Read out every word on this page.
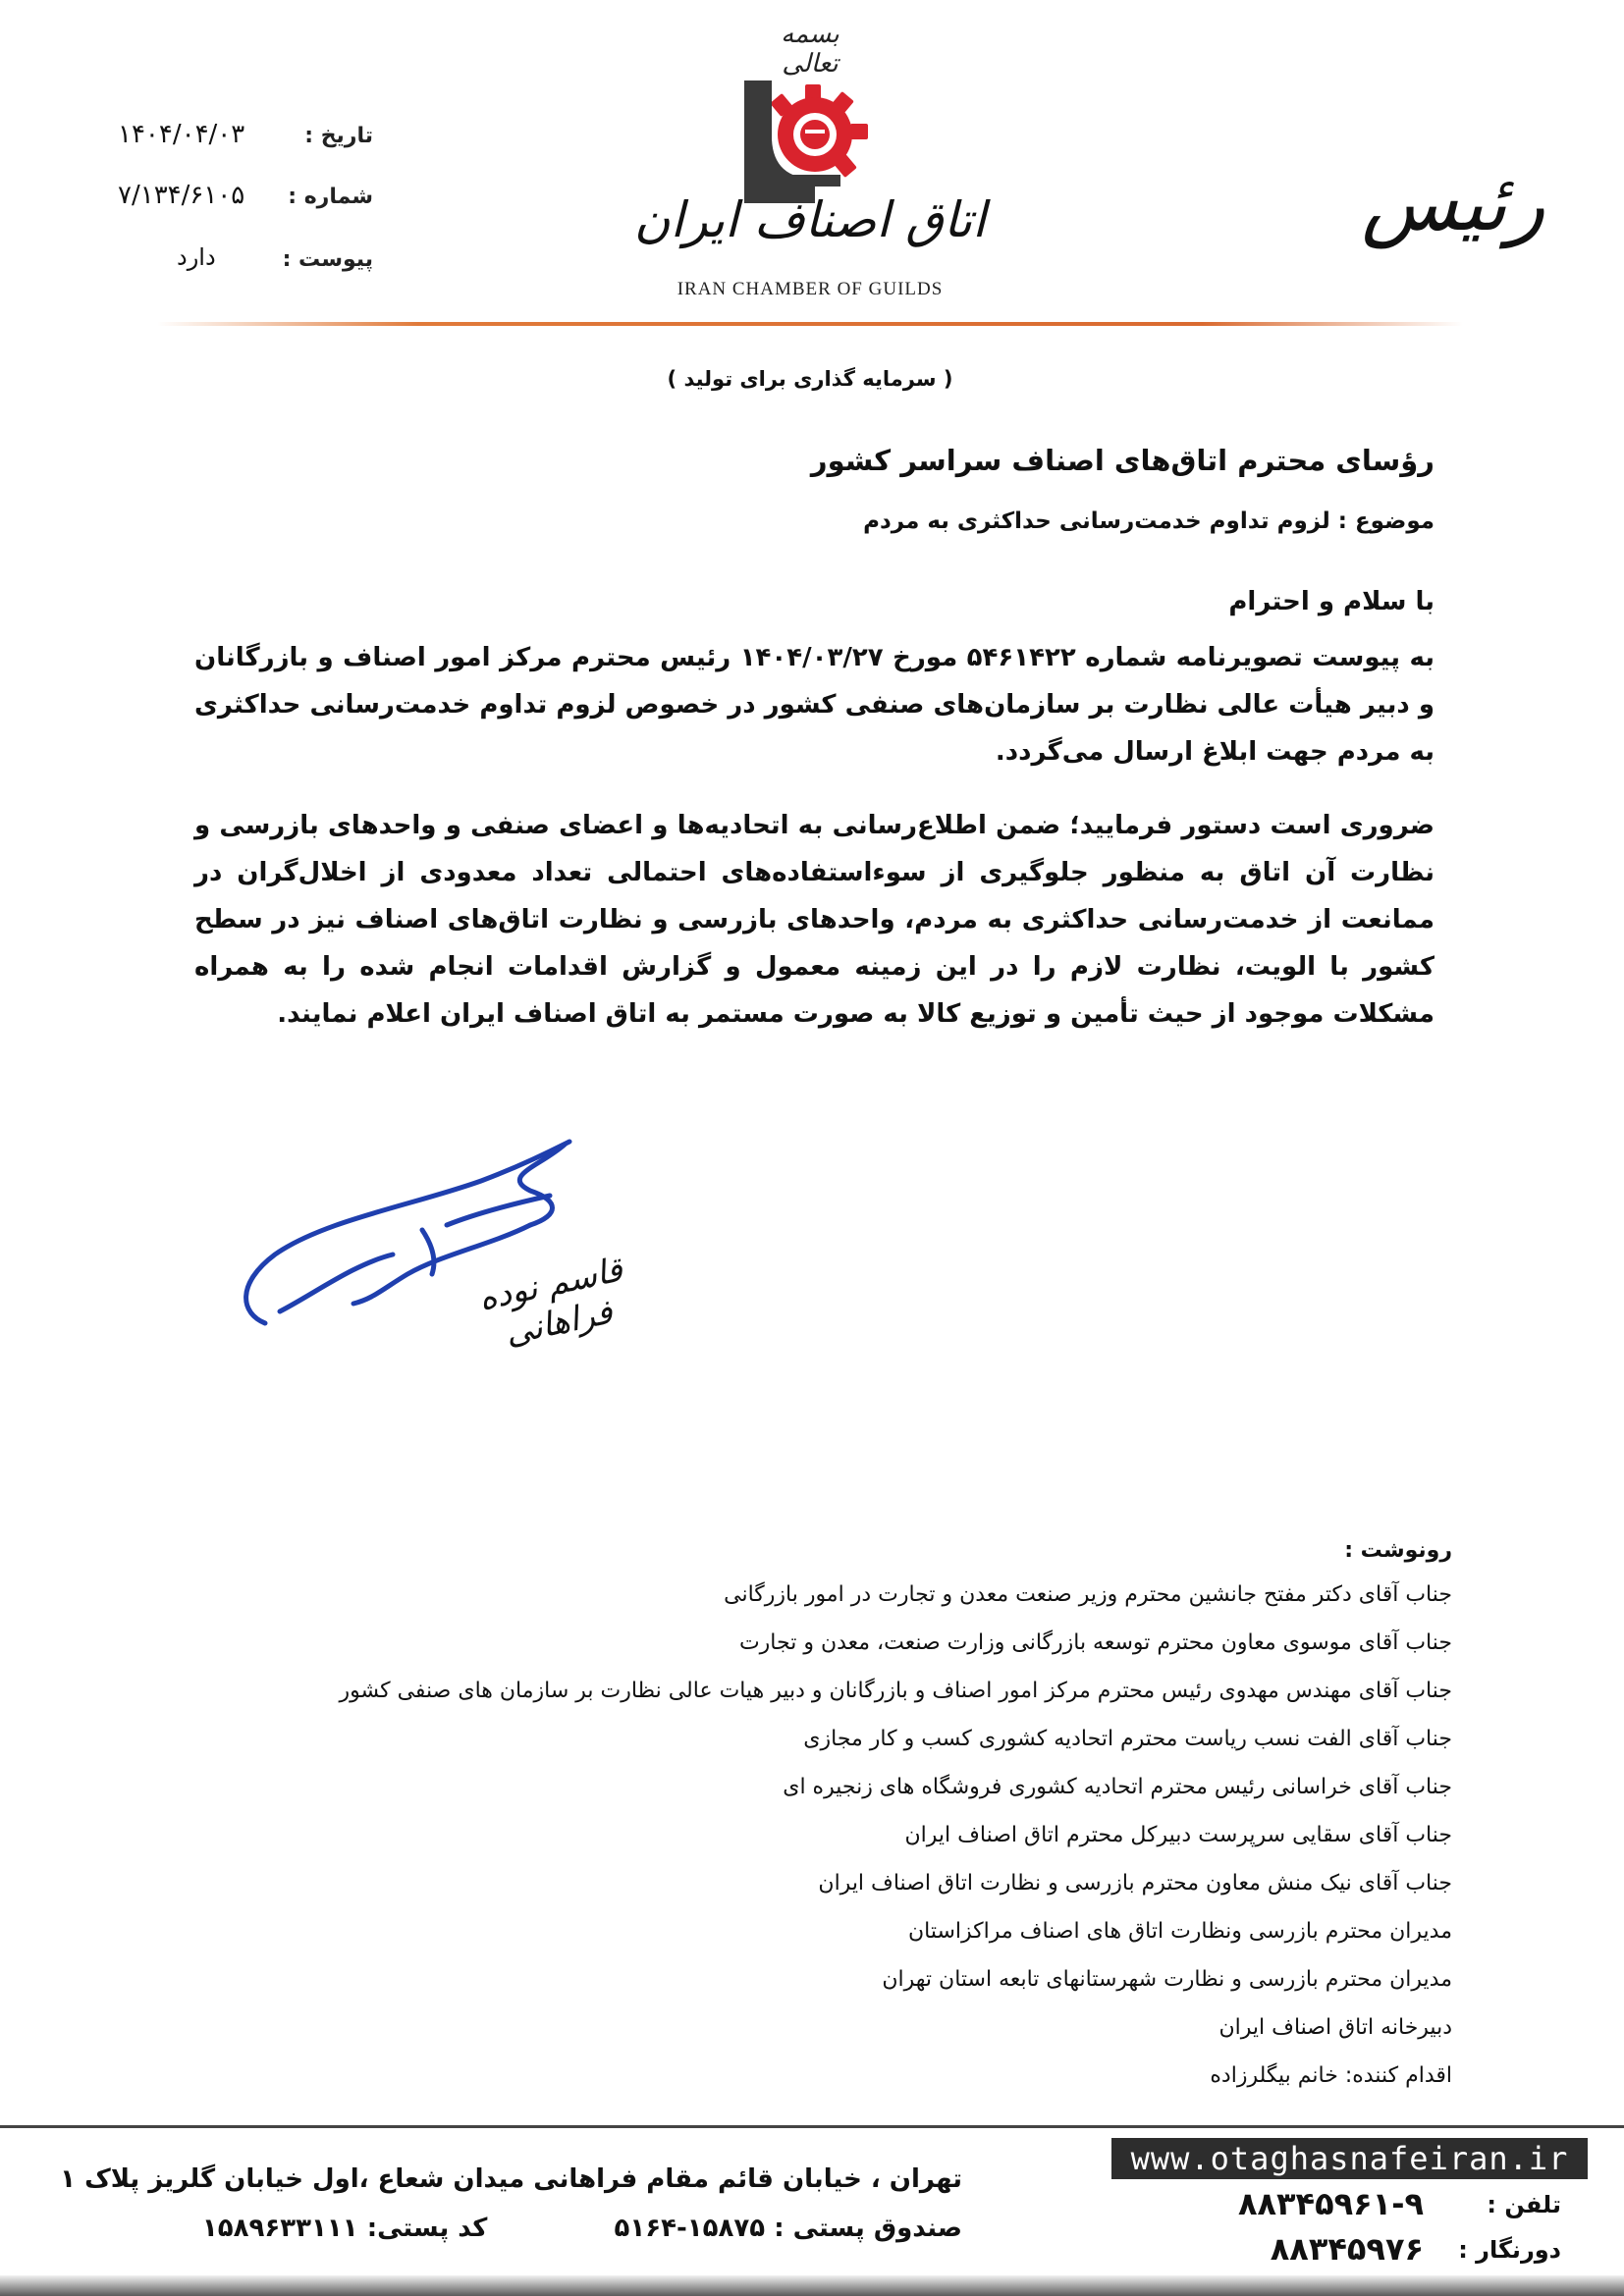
بسمه تعالی
اتاق اصناف ایران
IRAN CHAMBER OF GUILDS
رئیس
تاریخ :
۱۴۰۴/۰۴/۰۳
شماره :
۷/۱۳۴/۶۱۰۵
پیوست :
دارد
( سرمایه گذاری برای تولید )
رؤسای محترم اتاق‌های اصناف سراسر کشور
موضوع : لزوم تداوم خدمت‌رسانی حداکثری به مردم
با سلام و احترام
به پیوست تصویرنامه شماره ۵۴۶۱۴۲۲ مورخ ۱۴۰۴/۰۳/۲۷ رئیس محترم مرکز امور اصناف و بازرگانان و دبیر هیأت عالی نظارت بر سازمان‌های صنفی کشور در خصوص لزوم تداوم خدمت‌رسانی حداکثری به مردم جهت ابلاغ ارسال می‌گردد.
ضروری است دستور فرمایید؛ ضمن اطلاع‌رسانی به اتحادیه‌ها و اعضای صنفی و واحدهای بازرسی و نظارت آن اتاق به منظور جلوگیری از سوءاستفاده‌های احتمالی تعداد معدودی از اخلال‌گران در ممانعت از خدمت‌رسانی حداکثری به مردم، واحدهای بازرسی و نظارت اتاق‌های اصناف نیز در سطح کشور با الویت، نظارت لازم را در این زمینه معمول و گزارش اقدامات انجام شده را به همراه مشکلات موجود از حیث تأمین و توزیع کالا به صورت مستمر به اتاق اصناف ایران اعلام نمایند.
قاسم نوده فراهانی
رونوشت :
جناب آقای دکتر مفتح جانشین محترم وزیر صنعت معدن و تجارت در امور بازرگانی
جناب آقای موسوی معاون محترم توسعه بازرگانی وزارت صنعت، معدن و تجارت
جناب آقای مهندس مهدوی رئیس محترم مرکز امور اصناف و بازرگانان و دبیر هیات عالی نظارت بر سازمان های صنفی کشور
جناب آقای الفت نسب ریاست محترم اتحادیه کشوری کسب و کار مجازی
جناب آقای خراسانی رئیس محترم اتحادیه کشوری فروشگاه های زنجیره ای
جناب آقای سقایی سرپرست دبیرکل محترم اتاق اصناف ایران
جناب آقای نیک منش معاون محترم بازرسی و نظارت اتاق اصناف ایران
مدیران محترم بازرسی ونظارت اتاق های اصناف مراکزاستان
مدیران محترم بازرسی و نظارت شهرستانهای تابعه استان تهران
دبیرخانه اتاق اصناف ایران
اقدام کننده: خانم بیگلرزاده
تهران ، خیابان قائم مقام فراهانی میدان شعاع ،اول خیابان گلریز پلاک ۱
صندوق پستی : ۱۵۸۷۵-۵۱۶۴ کد پستی: ۱۵۸۹۶۳۳۱۱۱
www.otaghasnafeiran.ir
تلفن :
۸۸۳۴۵۹۶۱-۹
دورنگار :
۸۸۳۴۵۹۷۶
